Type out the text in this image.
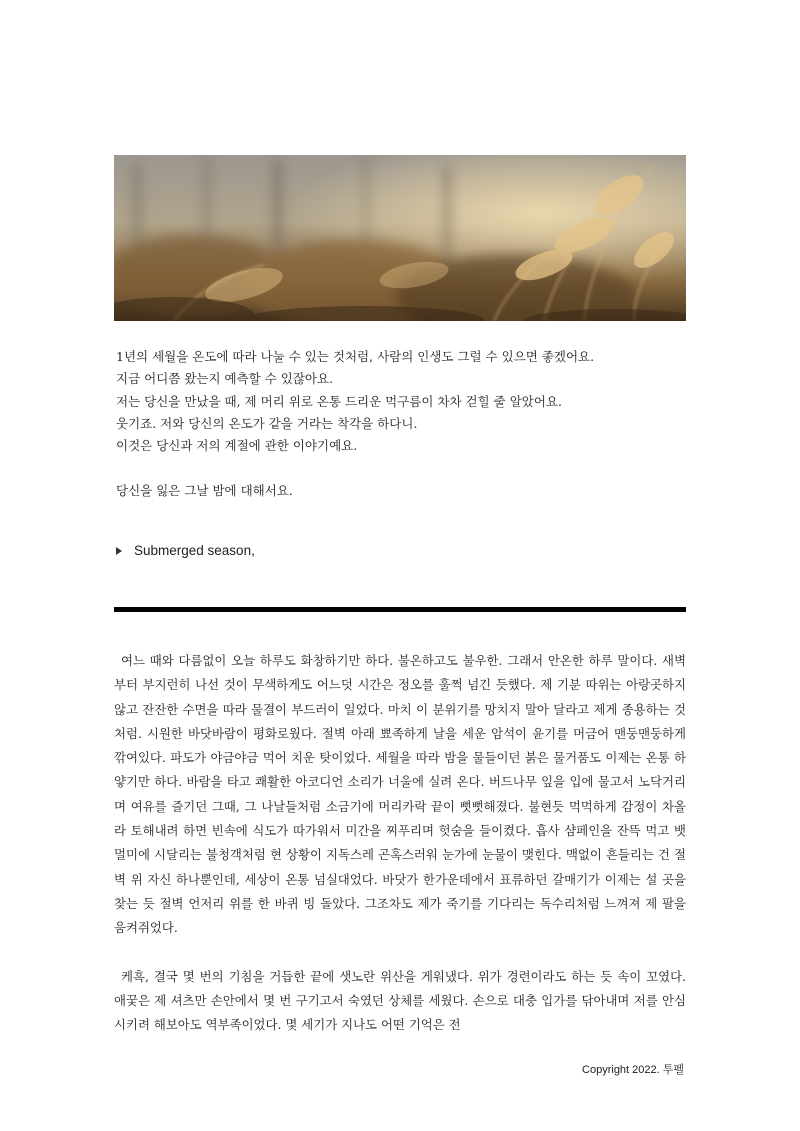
1년의 세월을 온도에 따라 나눌 수 있는 것처럼, 사람의 인생도 그럴 수 있으면 좋겠어요.

지금 어디쯤 왔는지 예측할 수 있잖아요.

저는 당신을 만났을 때, 제 머리 위로 온통 드리운 먹구름이 차차 걷힐 줄 알았어요.

웃기죠. 저와 당신의 온도가 같을 거라는 착각을 하다니.

이것은 당신과 저의 계절에 관한 이야기예요.

당신을 잃은 그날 밤에 대해서요.

Submerged season,

여느 때와 다름없이 오늘 하루도 화창하기만 하다. 불온하고도 불우한. 그래서 안온한 하루 말이다. 새벽부터 부지런히 나선 것이 무색하게도 어느덧 시간은 정오를 훌쩍 넘긴 듯했다. 제 기분 따위는 아랑곳하지 않고 잔잔한 수면을 따라 물결이 부드러이 일었다. 마치 이 분위기를 망치지 말아 달라고 제게 종용하는 것처럼. 시원한 바닷바람이 평화로웠다. 절벽 아래 뾰족하게 날을 세운 암석이 윤기를 머금어 맨둥맨둥하게 깎여있다. 파도가 야금야금 먹어 치운 탓이었다. 세월을 따라 밤을 물들이던 붉은 물거품도 이제는 온통 하얗기만 하다. 바람을 타고 쾌활한 아코디언 소리가 너울에 실려 온다. 버드나무 잎을 입에 물고서 노닥거리며 여유를 즐기던 그때, 그 나날들처럼 소금기에 머리카락 끝이 뻣뻣해졌다. 불현듯 먹먹하게 감정이 차올라 토해내려 하면 빈속에 식도가 따가워서 미간을 찌푸리며 헛숨을 들이켰다. 흡사 샴페인을 잔뜩 먹고 뱃멀미에 시달리는 불청객처럼 현 상황이 지독스레 곤혹스러워 눈가에 눈물이 맺힌다. 맥없이 흔들리는 건 절벽 위 자신 하나뿐인데, 세상이 온통 넘실대었다. 바닷가 한가운데에서 표류하던 갈매기가 이제는 설 곳을 찾는 듯 절벽 언저리 위를 한 바퀴 빙 돌았다. 그조차도 제가 죽기를 기다리는 독수리처럼 느껴져 제 팔을 움켜쥐었다.

케흑, 결국 몇 번의 기침을 거듭한 끝에 샛노란 위산을 게워냈다. 위가 경련이라도 하는 듯 속이 꼬였다. 애꿎은 제 셔츠만 손안에서 몇 번 구기고서 숙였던 상체를 세웠다. 손으로 대충 입가를 닦아내며 저를 안심시키려 해보아도 역부족이었다. 몇 세기가 지나도 어떤 기억은 전

Copyright 2022. 투펠
